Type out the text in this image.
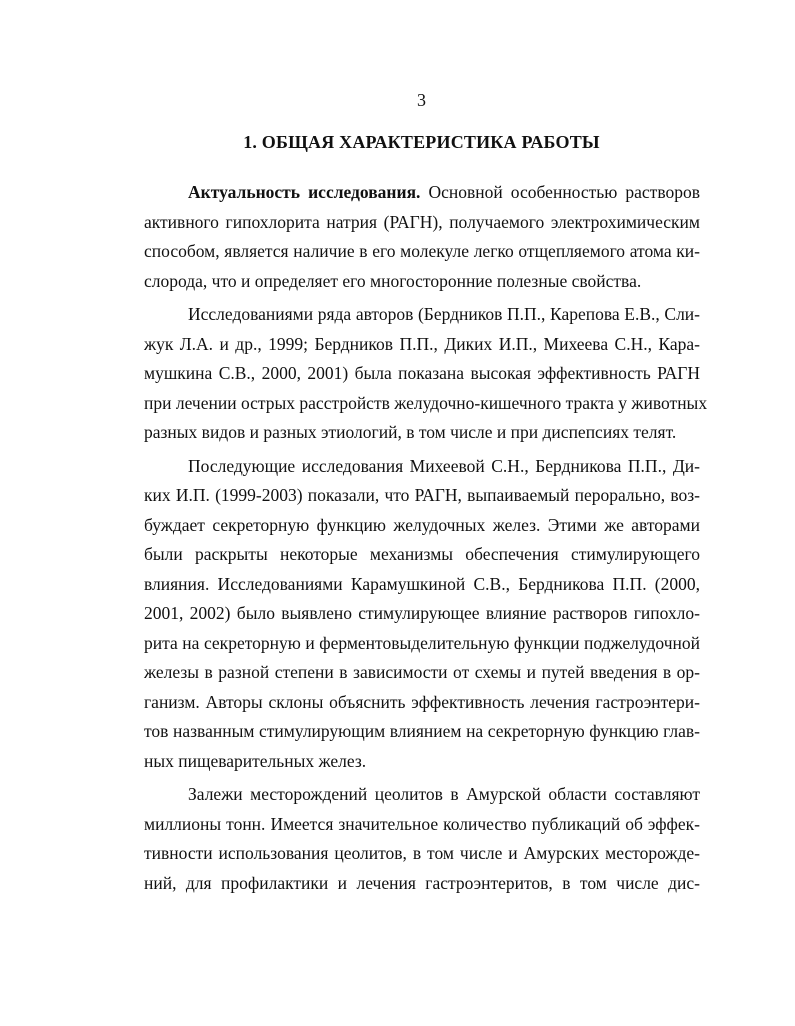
3
1. ОБЩАЯ ХАРАКТЕРИСТИКА РАБОТЫ

Актуальность исследования. Основной особенностью растворов
активного гипохлорита натрия (РАГН), получаемого электрохимическим
способом, является наличие в его молекуле легко отщепляемого атома ки-
слорода, что и определяет его многосторонние полезные свойства.

Исследованиями ряда авторов (Бердников П.П., Карепова Е.В., Сли-
жук Л.А. и др., 1999; Бердников П.П., Диких И.П., Михеева С.Н., Кара-
мушкина С.В., 2000, 2001) была показана высокая эффективность РАГН
при лечении острых расстройств желудочно-кишечного тракта у животных
разных видов и разных этиологий, в том числе и при диспепсиях телят.

Последующие исследования Михеевой С.Н., Бердникова П.П., Ди-
ких И.П. (1999-2003) показали, что РАГН, выпаиваемый перорально, воз-
буждает секреторную функцию желудочных желез. Этими же авторами
были раскрыты некоторые механизмы обеспечения стимулирующего
влияния. Исследованиями Карамушкиной С.В., Бердникова П.П. (2000,
2001, 2002) было выявлено стимулирующее влияние растворов гипохло-
рита на секреторную и ферментовыделительную функции поджелудочной
железы в разной степени в зависимости от схемы и путей введения в ор-
ганизм. Авторы склоны объяснить эффективность лечения гастроэнтери-
тов названным стимулирующим влиянием на секреторную функцию глав-
ных пищеварительных желез.

Залежи месторождений цеолитов в Амурской области составляют
миллионы тонн. Имеется значительное количество публикаций об эффек-
тивности использования цеолитов, в том числе и Амурских месторожде-
ний, для профилактики и лечения гастроэнтеритов, в том числе дис-
